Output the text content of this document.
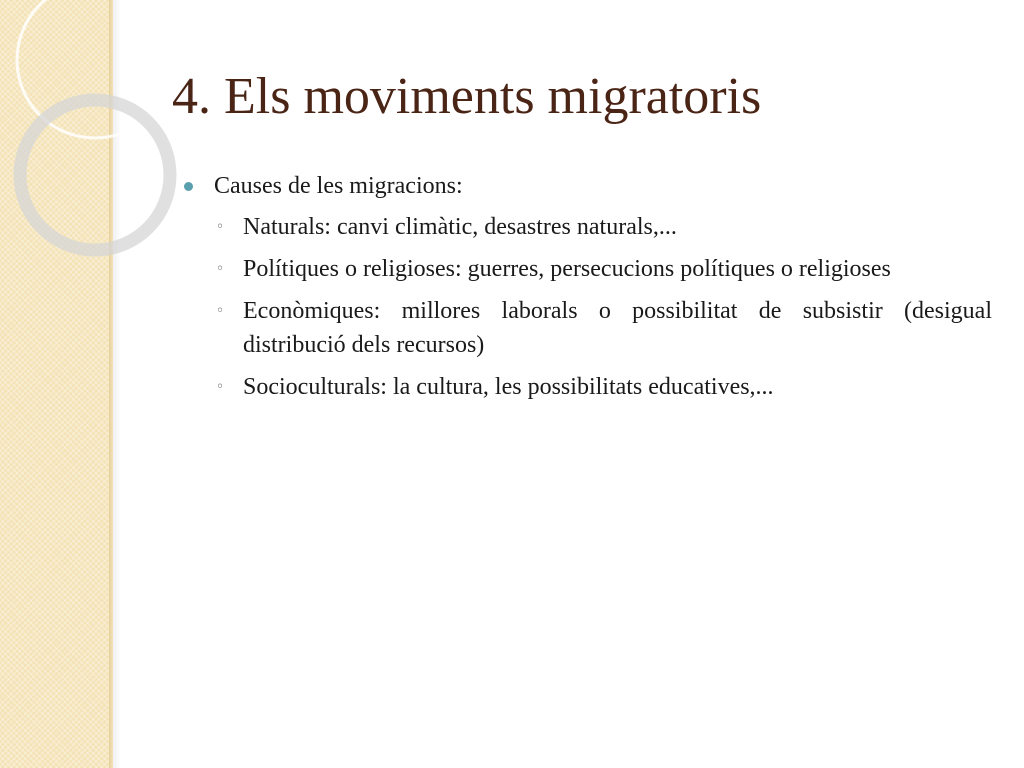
4. Els moviments migratoris
Causes de les migracions:
◦ Naturals: canvi climàtic, desastres naturals,...
◦ Polítiques o religioses: guerres, persecucions polítiques o religioses
◦ Econòmiques: millores laborals o possibilitat de subsistir (desigual distribució dels recursos)
◦ Socioculturals: la cultura, les possibilitats educatives,...
